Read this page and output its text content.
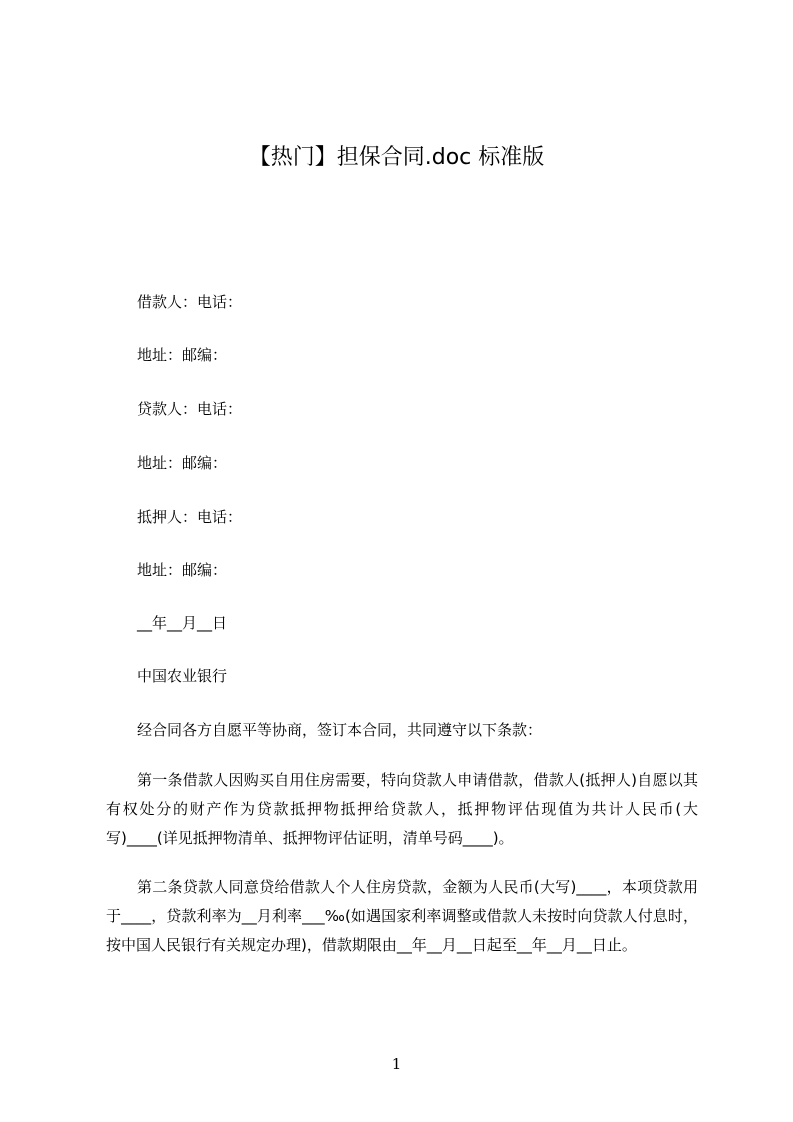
【热门】担保合同.doc 标准版
借款人：电话：
地址：邮编：
贷款人：电话：
地址：邮编：
抵押人：电话：
地址：邮编：
__年__月__日
中国农业银行
经合同各方自愿平等协商，签订本合同，共同遵守以下条款：
第一条借款人因购买自用住房需要，特向贷款人申请借款，借款人(抵押人)自愿以其有权处分的财产作为贷款抵押物抵押给贷款人，抵押物评估现值为共计人民币(大写)____(详见抵押物清单、抵押物评估证明，清单号码____)。
第二条贷款人同意贷给借款人个人住房贷款，金额为人民币(大写)____，本项贷款用于____，贷款利率为__月利率___‰(如遇国家利率调整或借款人未按时向贷款人付息时，按中国人民银行有关规定办理)，借款期限由__年__月__日起至__年__月__日止。
1
